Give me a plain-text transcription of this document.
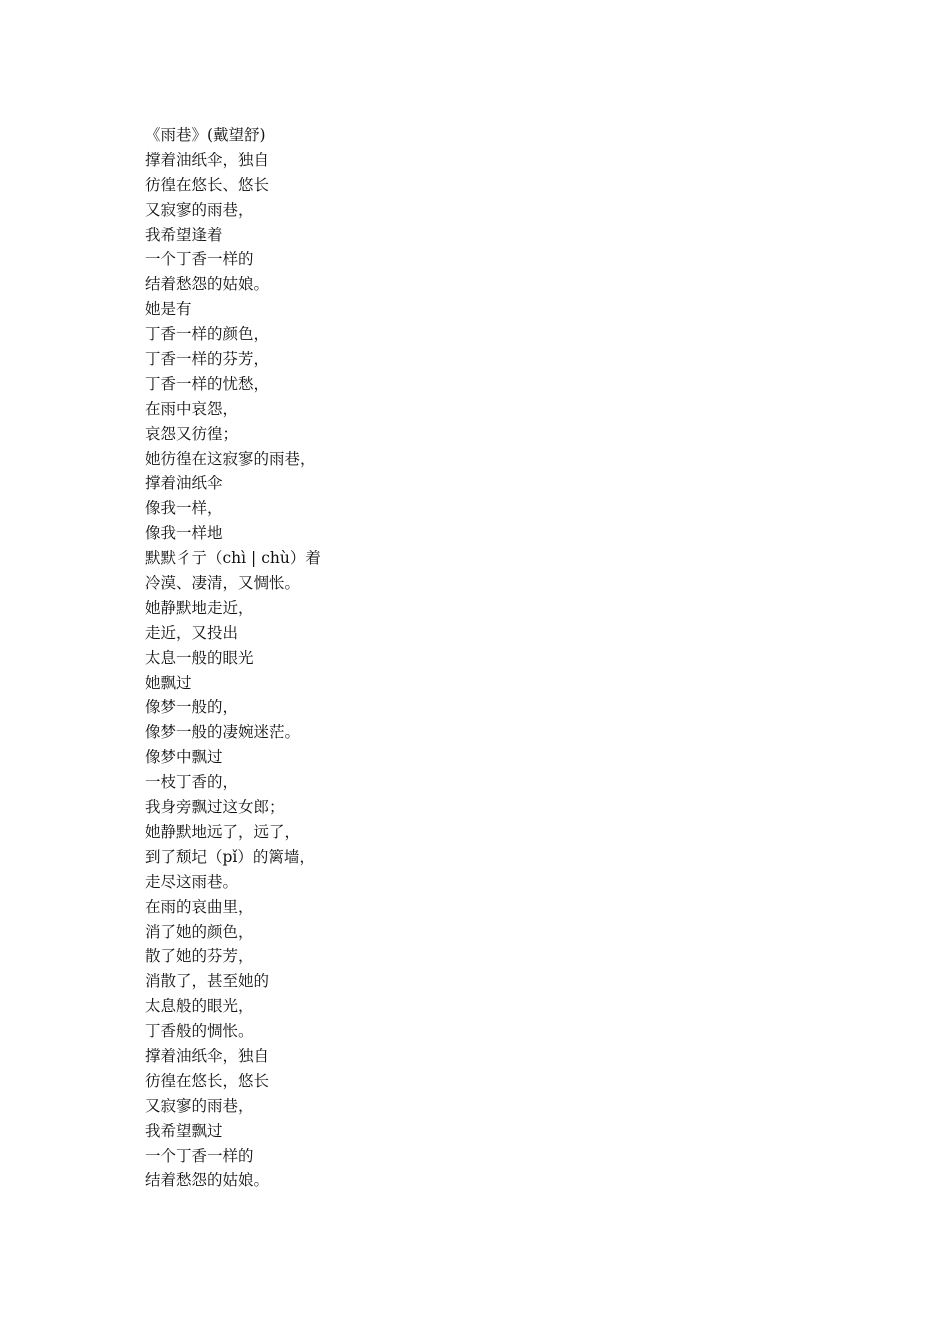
《雨巷》(戴望舒)
撑着油纸伞，独自
彷徨在悠长、悠长
又寂寥的雨巷，
我希望逢着
一个丁香一样的
结着愁怨的姑娘。
她是有
丁香一样的颜色，
丁香一样的芬芳，
丁香一样的忧愁，
在雨中哀怨，
哀怨又彷徨；
她彷徨在这寂寥的雨巷，
撑着油纸伞
像我一样，
像我一样地
默默彳亍（chì | chù）着
冷漠、凄清，又惆怅。
她静默地走近，
走近，又投出
太息一般的眼光
她飘过
像梦一般的，
像梦一般的凄婉迷茫。
像梦中飘过
一枝丁香的，
我身旁飘过这女郎；
她静默地远了，远了，
到了颓圮（pǐ）的篱墙，
走尽这雨巷。
在雨的哀曲里，
消了她的颜色，
散了她的芬芳，
消散了，甚至她的
太息般的眼光，
丁香般的惆怅。
撑着油纸伞，独自
彷徨在悠长，悠长
又寂寥的雨巷，
我希望飘过
一个丁香一样的
结着愁怨的姑娘。
